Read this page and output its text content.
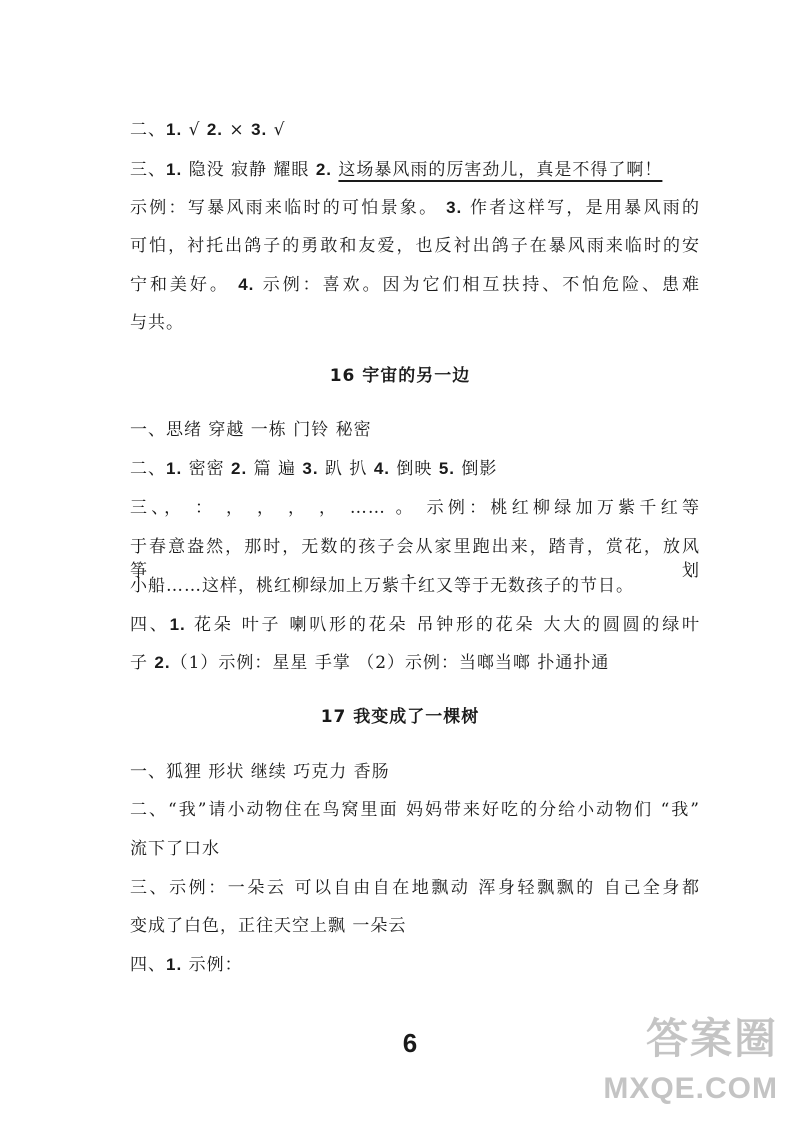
二、1. √ 2. × 3. √
三、1. 隐没 寂静 耀眼 2. 这场暴风雨的厉害劲儿，真是不得了啊！
示例：写暴风雨来临时的可怕景象。 3. 作者这样写，是用暴风雨的
可怕，衬托出鸽子的勇敢和友爱，也反衬出鸽子在暴风雨来临时的安
宁和美好。 4. 示例：喜欢。因为它们相互扶持、不怕危险、患难
与共。
16 宇宙的另一边
一、思绪 穿越 一栋 门铃 秘密
二、1. 密密 2. 篇 遍 3. 趴 扒 4. 倒映 5. 倒影
三、， ： ， ， ， ， …… 。 示例：桃红柳绿加万紫千红等
于春意盎然，那时，无数的孩子会从家里跑出来，踏青，赏花，放风筝，划
小船……这样，桃红柳绿加上万紫千红又等于无数孩子的节日。
四、1. 花朵 叶子 喇叭形的花朵 吊钟形的花朵 大大的圆圆的绿叶
子 2.（1）示例：星星 手掌 （2）示例：当啷当啷 扑通扑通
17 我变成了一棵树
一、狐狸 形状 继续 巧克力 香肠
二、“我”请小动物住在鸟窝里面 妈妈带来好吃的分给小动物们 “我”
流下了口水
三、示例：一朵云 可以自由自在地飘动 浑身轻飘飘的 自己全身都
变成了白色，正往天空上飘 一朵云
四、1. 示例：
6	答案圈
MXQE.COM
